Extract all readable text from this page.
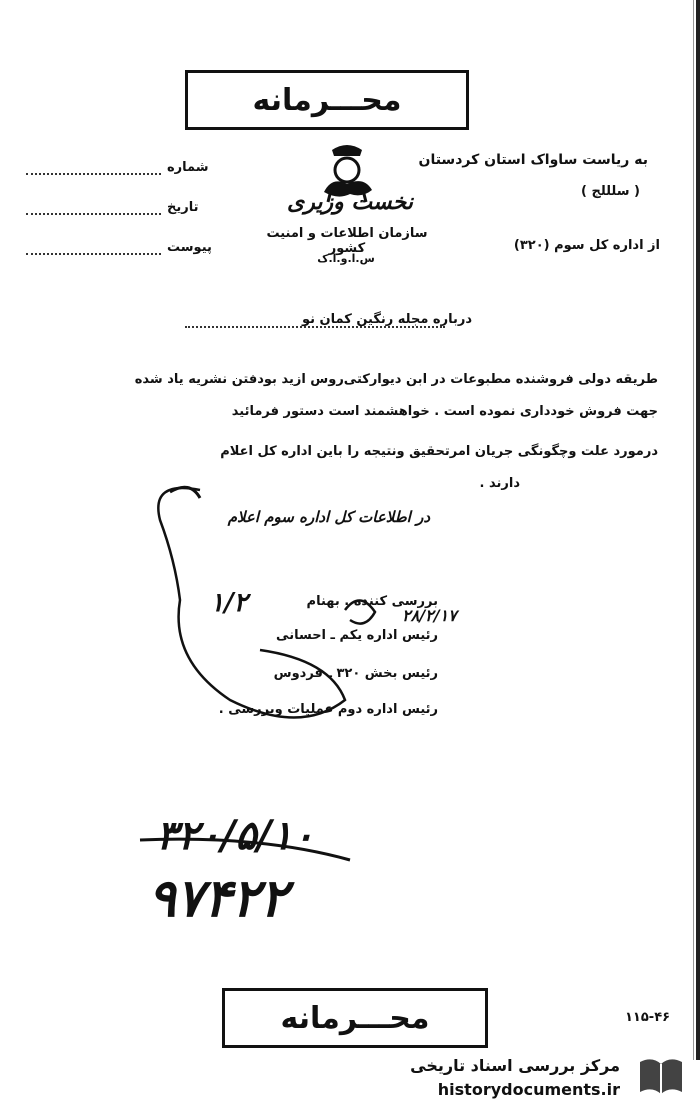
محـــرمانه
شماره
تاریخ
پیوست
نخست وزیری
سازمان اطلاعات و امنیت کشور
س.ا.و.ا.ک
به ریاست ساواک استان کردستان
( سلللج )
از اداره کل سوم (۳۲۰)
درباره مجله رنگین کمان نو
طریقه دولی فروشنده مطبوعات در ابن دیوارکتی‌روس ازید بودفتن نشریه یاد شده
جهت فروش خودداری نموده است . خواهشمند است دستور فرمائید
درمورد علت وچگونگی جریان امرتحقیق ونتیجه را باین اداره کل اعلام
دارند .
در اطلاعات کل اداره سوم اعلام
بررسی کننده . بهنام
۲۸/۲/۱۷
رئیس اداره یکم ـ احسانی
رئیس بخش ۳۲۰ ـ فردوس
رئیس اداره دوم عملیات وبررسی .
۱/۲
۳۲۰/۵/۱۰
۹۷۴۲۲
محـــرمانه	۱۱۵-۴۶
مرکز بررسی اسناد تاریخی
historydocuments.ir
